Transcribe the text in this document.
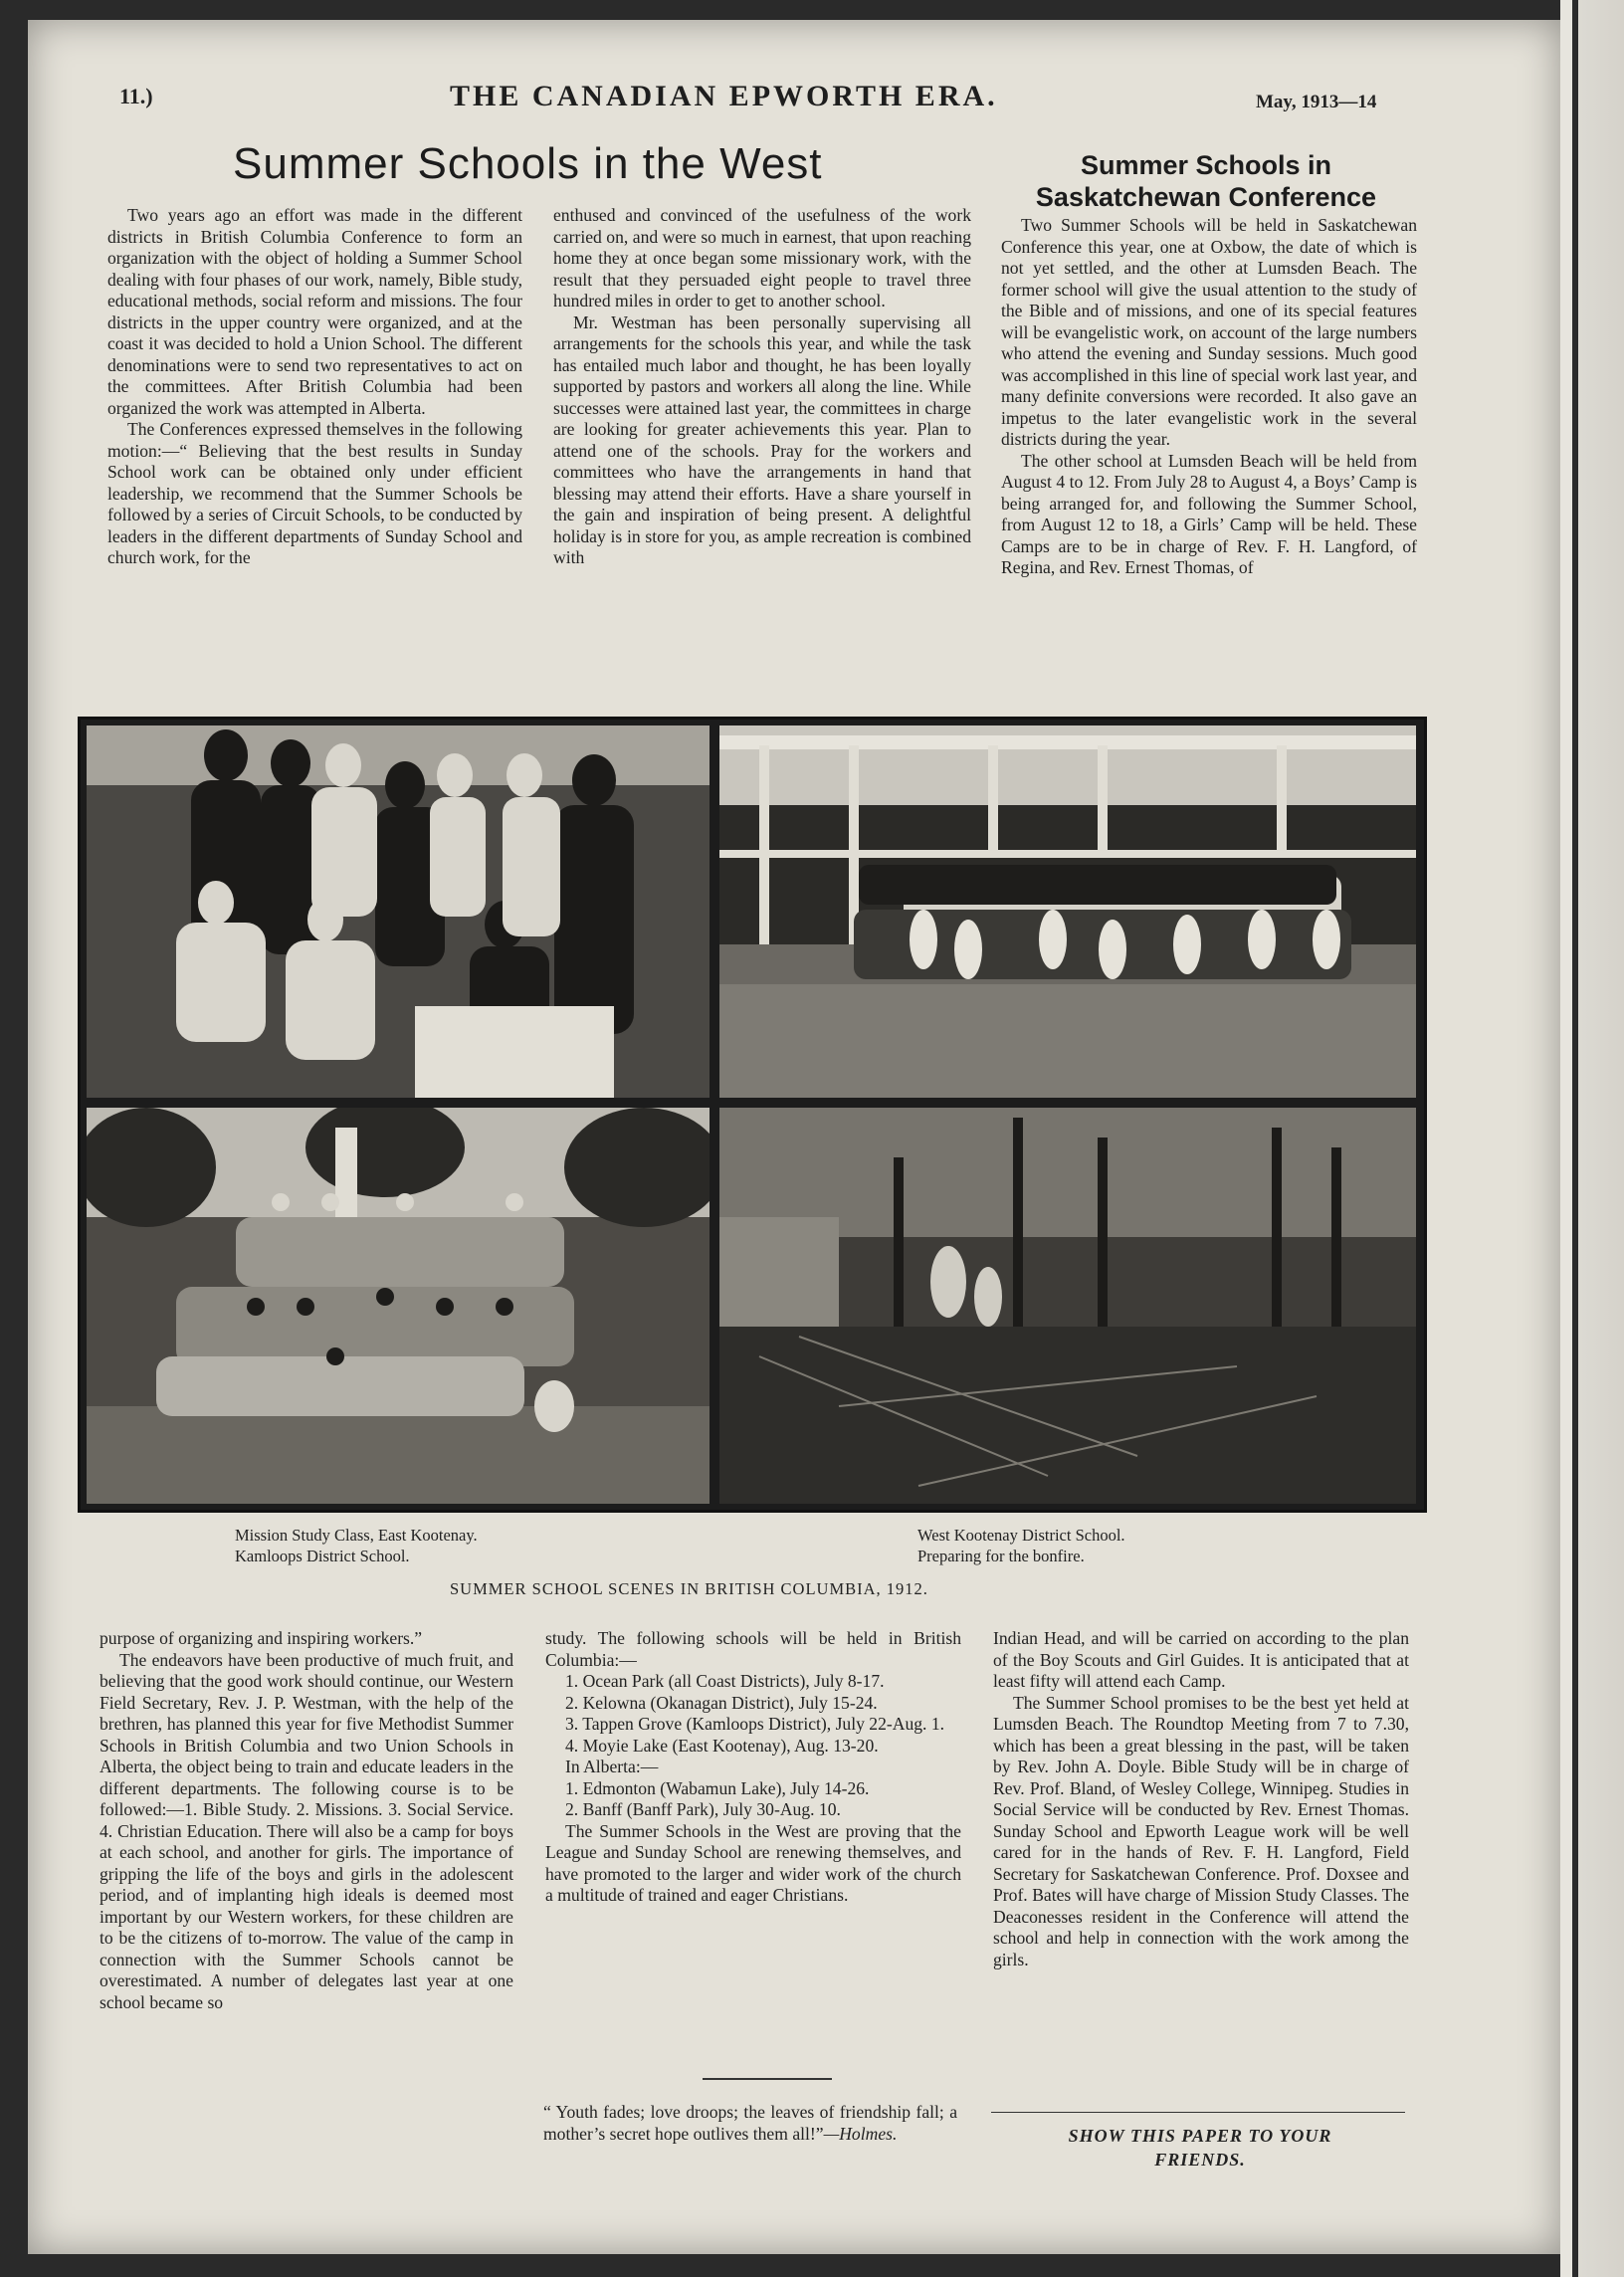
11.)	THE CANADIAN EPWORTH ERA.	May, 1913—14
Summer Schools in the West	Summer Schools in Saskatchewan Conference

Two years ago an effort was made in the different districts in British Columbia Conference to form an organization with the object of holding a Summer School dealing with four phases of our work, namely, Bible study, educational methods, social reform and missions. The four districts in the upper country were organized, and at the coast it was decided to hold a Union School. The different denominations were to send two representatives to act on the committees. After British Columbia had been organized the work was attempted in Alberta.

The Conferences expressed themselves in the following motion:—“ Believing that the best results in Sunday School work can be obtained only under efficient leadership, we recommend that the Summer Schools be followed by a series of Circuit Schools, to be conducted by leaders in the different departments of Sunday School and church work, for the

enthused and convinced of the usefulness of the work carried on, and were so much in earnest, that upon reaching home they at once began some missionary work, with the result that they persuaded eight people to travel three hundred miles in order to get to another school.

Mr. Westman has been personally supervising all arrangements for the schools this year, and while the task has entailed much labor and thought, he has been loyally supported by pastors and workers all along the line. While successes were attained last year, the committees in charge are looking for greater achievements this year. Plan to attend one of the schools. Pray for the workers and committees who have the arrangements in hand that blessing may attend their efforts. Have a share yourself in the gain and inspiration of being present. A delightful holiday is in store for you, as ample recreation is combined with

Two Summer Schools will be held in Saskatchewan Conference this year, one at Oxbow, the date of which is not yet settled, and the other at Lumsden Beach. The former school will give the usual attention to the study of the Bible and of missions, and one of its special features will be evangelistic work, on account of the large numbers who attend the evening and Sunday sessions. Much good was accomplished in this line of special work last year, and many definite conversions were recorded. It also gave an impetus to the later evangelistic work in the several districts during the year.

The other school at Lumsden Beach will be held from August 4 to 12. From July 28 to August 4, a Boys’ Camp is being arranged for, and following the Summer School, from August 12 to 18, a Girls’ Camp will be held. These Camps are to be in charge of Rev. F. H. Langford, of Regina, and Rev. Ernest Thomas, of

Mission Study Class, East Kootenay.
Kamloops District School.
West Kootenay District School.
Preparing for the bonfire.
SUMMER SCHOOL SCENES IN BRITISH COLUMBIA, 1912.

purpose of organizing and inspiring workers.”

The endeavors have been productive of much fruit, and believing that the good work should continue, our Western Field Secretary, Rev. J. P. Westman, with the help of the brethren, has planned this year for five Methodist Summer Schools in British Columbia and two Union Schools in Alberta, the object being to train and educate leaders in the different departments. The following course is to be followed:—1. Bible Study. 2. Missions. 3. Social Service. 4. Christian Education. There will also be a camp for boys at each school, and another for girls. The importance of gripping the life of the boys and girls in the adolescent period, and of implanting high ideals is deemed most important by our Western workers, for these children are to be the citizens of to-morrow. The value of the camp in connection with the Summer Schools cannot be overestimated. A number of delegates last year at one school became so

study. The following schools will be held in British Columbia:—

1. Ocean Park (all Coast Districts), July 8-17.

2. Kelowna (Okanagan District), July 15-24.

3. Tappen Grove (Kamloops District), July 22-Aug. 1.

4. Moyie Lake (East Kootenay), Aug. 13-20.

In Alberta:—

1. Edmonton (Wabamun Lake), July 14-26.

2. Banff (Banff Park), July 30-Aug. 10.

The Summer Schools in the West are proving that the League and Sunday School are renewing themselves, and have promoted to the larger and wider work of the church a multitude of trained and eager Christians.

“ Youth fades; love droops; the leaves of friendship fall; a mother’s secret hope outlives them all!”—Holmes.

Indian Head, and will be carried on according to the plan of the Boy Scouts and Girl Guides. It is anticipated that at least fifty will attend each Camp.

The Summer School promises to be the best yet held at Lumsden Beach. The Roundtop Meeting from 7 to 7.30, which has been a great blessing in the past, will be taken by Rev. John A. Doyle. Bible Study will be in charge of Rev. Prof. Bland, of Wesley College, Winnipeg. Studies in Social Service will be conducted by Rev. Ernest Thomas. Sunday School and Epworth League work will be well cared for in the hands of Rev. F. H. Langford, Field Secretary for Saskatchewan Conference. Prof. Doxsee and Prof. Bates will have charge of Mission Study Classes. The Deaconesses resident in the Conference will attend the school and help in connection with the work among the girls.

SHOW THIS PAPER TO YOUR
FRIENDS.
